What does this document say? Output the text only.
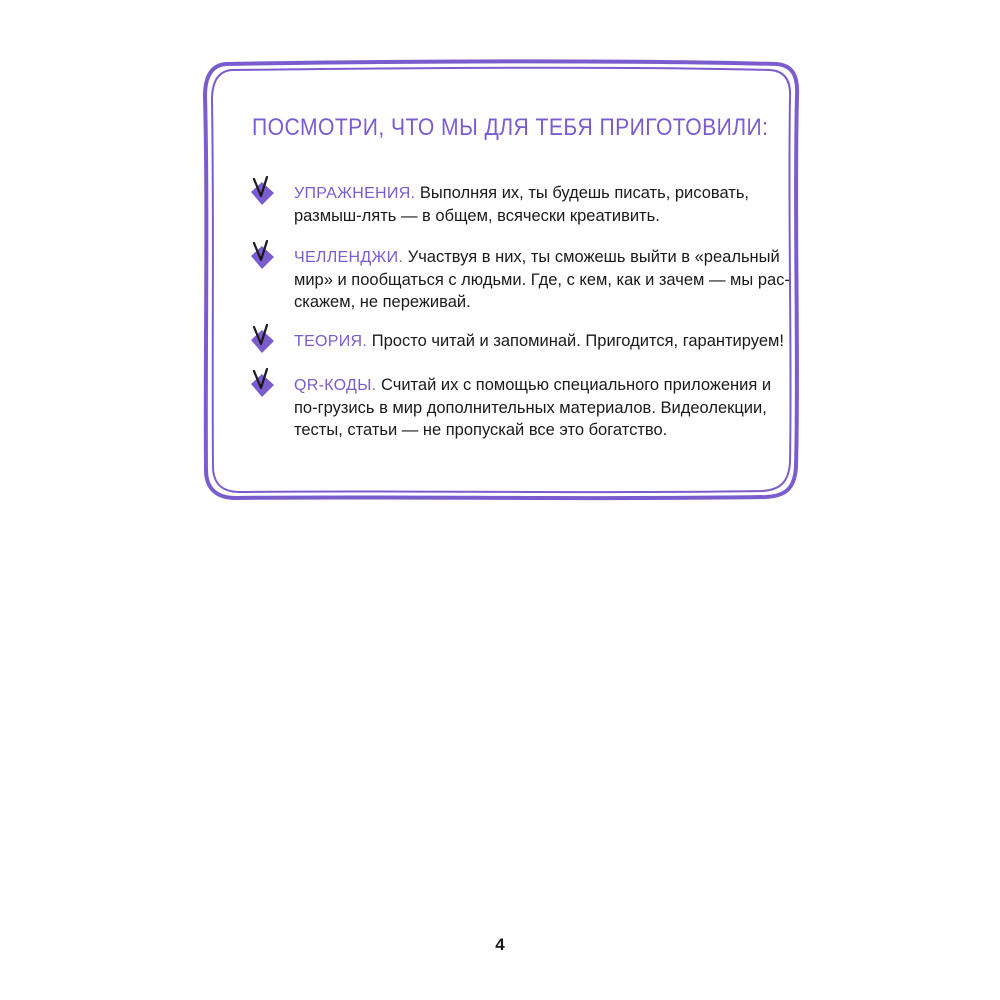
ПОСМОТРИ, ЧТО МЫ ДЛЯ ТЕБЯ ПРИГОТОВИЛИ:
УПРАЖНЕНИЯ. Выполняя их, ты будешь писать, рисовать, размыш-лять — в общем, всячески креативить.
ЧЕЛЛЕНДЖИ. Участвуя в них, ты сможешь выйти в «реальный мир» и пообщаться с людьми. Где, с кем, как и зачем — мы рас-скажем, не переживай.
ТЕОРИЯ. Просто читай и запоминай. Пригодится, гарантируем!
QR-КОДЫ. Считай их с помощью специального приложения и по-грузись в мир дополнительных материалов. Видеолекции, тесты, статьи — не пропускай все это богатство.
4
